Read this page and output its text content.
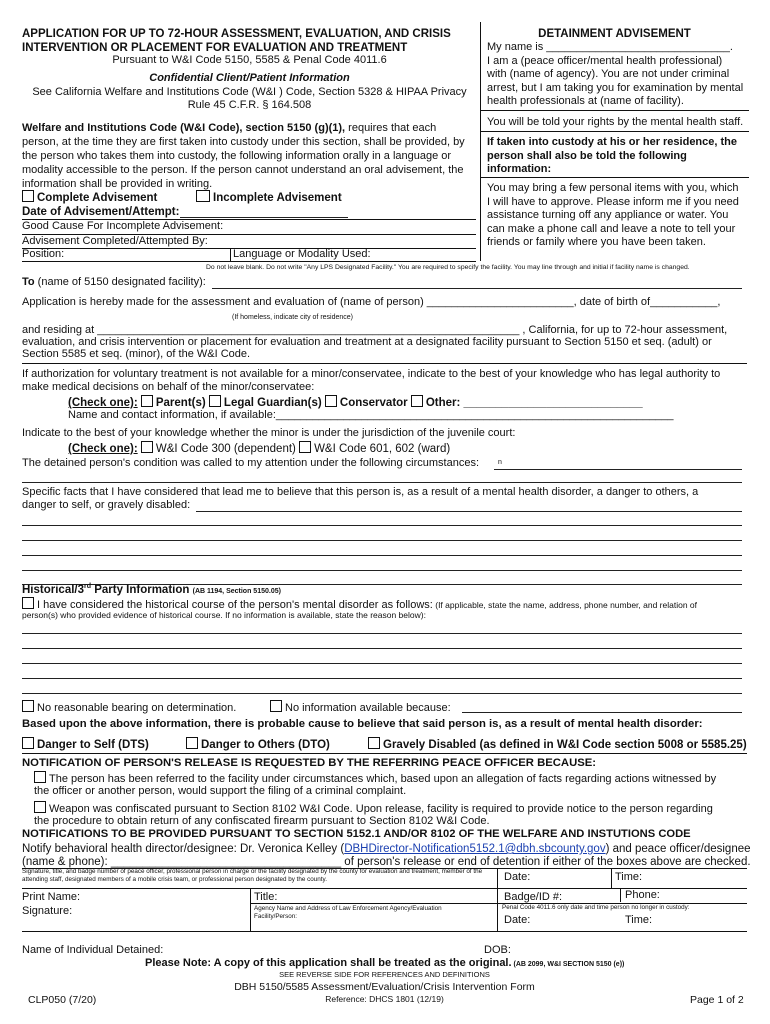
APPLICATION FOR UP TO 72-HOUR ASSESSMENT, EVALUATION, AND CRISIS
INTERVENTION OR PLACEMENT FOR EVALUATION AND TREATMENT
Pursuant to W&I Code 5150, 5585 & Penal Code 4011.6
Confidential Client/Patient Information
See California Welfare and Institutions Code (W&I ) Code, Section 5328 & HIPAA Privacy
Rule 45 C.F.R. § 164.508
Welfare and Institutions Code (W&I Code), section 5150 (g)(1), requires that each
person, at the time they are first taken into custody under this section, shall be provided, by
the person who takes them into custody, the following information orally in a language or
modality accessible to the person. If the person cannot understand an oral advisement, the
information shall be provided in writing.
Complete Advisement	Incomplete Advisement
Date of Advisement/Attempt:
Good Cause For Incomplete Advisement:
Advisement Completed/Attempted By:
Position:	Language or Modality Used:
DETAINMENT ADVISEMENT
My name is ______________________________.
I am a (peace officer/mental health professional)
with (name of agency). You are not under criminal
arrest, but I am taking you for examination by mental
health professionals at (name of facility).
You will be told your rights by the mental health staff.
If taken into custody at his or her residence, the
person shall also be told the following
information:
You may bring a few personal items with you, which
I will have to approve. Please inform me if you need
assistance turning off any appliance or water. You
can make a phone call and leave a note to tell your
friends or family where you have been taken.
Do not leave blank. Do not write "Any LPS Designated Facility." You are required to specify the facility. You may line through and initial if facility name is changed.
To (name of 5150 designated facility):
Application is hereby made for the assessment and evaluation of (name of person) ________________________, date of birth of___________,
(If homeless, indicate city of residence)
and residing at _____________________________________________________________________ , California, for up to 72-hour assessment,
evaluation, and crisis intervention or placement for evaluation and treatment at a designated facility pursuant to Section 5150 et seq. (adult) or
Section 5585 et seq. (minor), of the W&I Code.
If authorization for voluntary treatment is not available for a minor/conservatee, indicate to the best of your knowledge who has legal authority to
make medical decisions on behalf of the minor/conservatee:
(Check one): Parent(s) Legal Guardian(s) Conservator Other: ____________________________
Name and contact information, if available:_________________________________________________________________
Indicate to the best of your knowledge whether the minor is under the jurisdiction of the juvenile court:
(Check one): W&I Code 300 (dependent) W&I Code 601, 602 (ward)
The detained person's condition was called to my attention under the following circumstances:	n
Specific facts that I have considered that lead me to believe that this person is, as a result of a mental health disorder, a danger to others, a
danger to self, or gravely disabled:
Historical/3rd Party Information (AB 1194, Section 5150.05)
I have considered the historical course of the person's mental disorder as follows: (If applicable, state the name, address, phone number, and relation of
person(s) who provided evidence of historical course. If no information is available, state the reason below):
No reasonable bearing on determination.	No information available because:
Based upon the above information, there is probable cause to believe that said person is, as a result of mental health disorder:
Danger to Self (DTS)	Danger to Others (DTO)	Gravely Disabled (as defined in W&I Code section 5008 or 5585.25)
NOTIFICATION OF PERSON'S RELEASE IS REQUESTED BY THE REFERRING PEACE OFFICER BECAUSE:
The person has been referred to the facility under circumstances which, based upon an allegation of facts regarding actions witnessed by
the officer or another person, would support the filing of a criminal complaint.
Weapon was confiscated pursuant to Section 8102 W&I Code. Upon release, facility is required to provide notice to the person regarding
the procedure to obtain return of any confiscated firearm pursuant to Section 8102 W&I Code.
NOTIFICATIONS TO BE PROVIDED PURSUANT TO SECTION 5152.1 AND/OR 8102 OF THE WELFARE AND INSTUTIONS CODE
Notify behavioral health director/designee: Dr. Veronica Kelley (DBHDirector-Notification5152.1@dbh.sbcounty.gov) and peace officer/designee
(name & phone): ____________________________________ of person's release or end of detention if either of the boxes above are checked.
Signature, title, and badge number of peace officer, professional person in charge or the facility designated by the county for evaluation and treatment, member of the attending staff, designated members of a mobile crisis team, or professional person designated by the county.	Date:	Time:
Print Name:	Title:	Badge/ID #:	Phone:
Signature:	Agency Name and Address of Law Enforcement Agency/Evaluation Facility/Person:
Penal Code 4011.6 only date and time person no longer in custody:
Date:	Time:
Name of Individual Detained:	DOB:
Please Note: A copy of this application shall be treated as the original. (AB 2099, W&I SECTION 5150 (e))
SEE REVERSE SIDE FOR REFERENCES AND DEFINITIONS
DBH 5150/5585 Assessment/Evaluation/Crisis Intervention Form
Reference: DHCS 1801 (12/19)
CLP050 (7/20)	Page 1 of 2
